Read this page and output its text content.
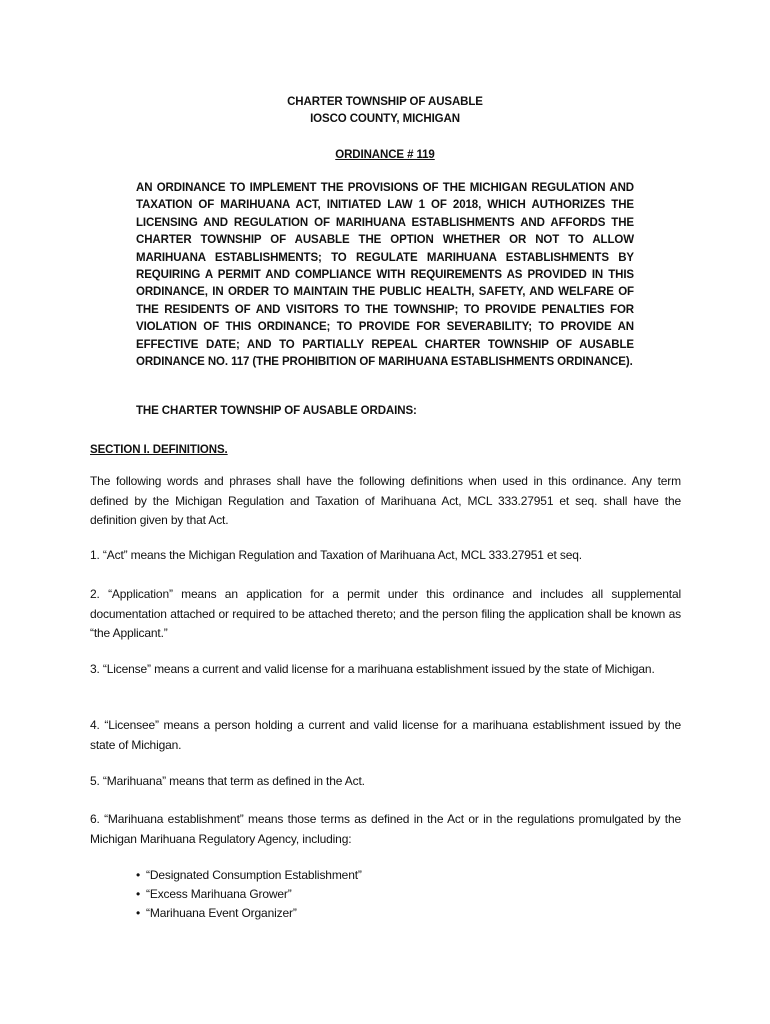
CHARTER TOWNSHIP OF AUSABLE
IOSCO COUNTY, MICHIGAN
ORDINANCE # 119
AN ORDINANCE TO IMPLEMENT THE PROVISIONS OF THE MICHIGAN REGULATION AND TAXATION OF MARIHUANA ACT, INITIATED LAW 1 OF 2018, WHICH AUTHORIZES THE LICENSING AND REGULATION OF MARIHUANA ESTABLISHMENTS AND AFFORDS THE CHARTER TOWNSHIP OF AUSABLE THE OPTION WHETHER OR NOT TO ALLOW MARIHUANA ESTABLISHMENTS; TO REGULATE MARIHUANA ESTABLISHMENTS BY REQUIRING A PERMIT AND COMPLIANCE WITH REQUIREMENTS AS PROVIDED IN THIS ORDINANCE, IN ORDER TO MAINTAIN THE PUBLIC HEALTH, SAFETY, AND WELFARE OF THE RESIDENTS OF AND VISITORS TO THE TOWNSHIP; TO PROVIDE PENALTIES FOR VIOLATION OF THIS ORDINANCE; TO PROVIDE FOR SEVERABILITY; TO PROVIDE AN EFFECTIVE DATE; AND TO PARTIALLY REPEAL CHARTER TOWNSHIP OF AUSABLE ORDINANCE NO. 117 (THE PROHIBITION OF MARIHUANA ESTABLISHMENTS ORDINANCE).
THE CHARTER TOWNSHIP OF AUSABLE ORDAINS:
SECTION I. DEFINITIONS.
The following words and phrases shall have the following definitions when used in this ordinance. Any term defined by the Michigan Regulation and Taxation of Marihuana Act, MCL 333.27951 et seq. shall have the definition given by that Act.
1. “Act” means the Michigan Regulation and Taxation of Marihuana Act, MCL 333.27951 et seq.
2. “Application” means an application for a permit under this ordinance and includes all supplemental documentation attached or required to be attached thereto; and the person filing the application shall be known as “the Applicant.”
3. “License” means a current and valid license for a marihuana establishment issued by the state of Michigan.
4. “Licensee” means a person holding a current and valid license for a marihuana establishment issued by the state of Michigan.
5. “Marihuana” means that term as defined in the Act.
6. “Marihuana establishment” means those terms as defined in the Act or in the regulations promulgated by the Michigan Marihuana Regulatory Agency, including:
• “Designated Consumption Establishment”
• “Excess Marihuana Grower”
• “Marihuana Event Organizer”
